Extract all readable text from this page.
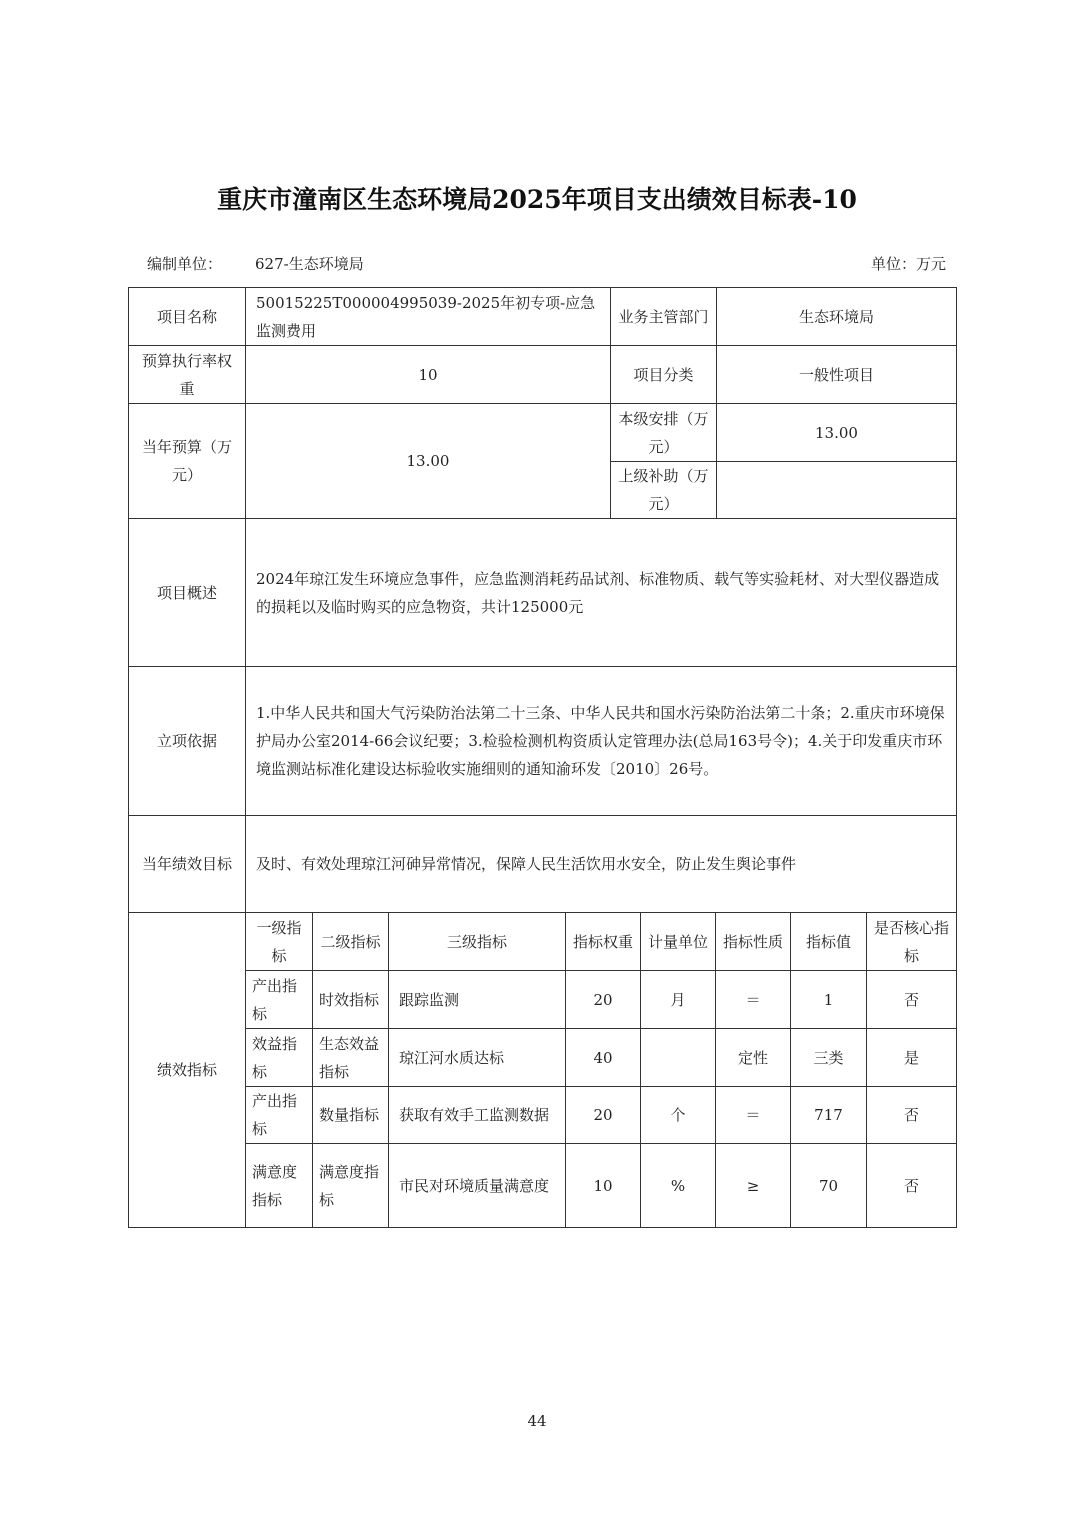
重庆市潼南区生态环境局2025年项目支出绩效目标表-10
编制单位： 627-生态环境局	单位：万元
项目名称	50015225T000004995039-2025年初专项-应急监测费用	业务主管部门	生态环境局
预算执行率权重	10	项目分类	一般性项目
当年预算（万元）	13.00	本级安排（万元）	13.00
		上级补助（万元）	
项目概述	2024年琼江发生环境应急事件，应急监测消耗药品试剂、标准物质、载气等实验耗材、对大型仪器造成的损耗以及临时购买的应急物资，共计125000元		
立项依据	1.中华人民共和国大气污染防治法第二十三条、中华人民共和国水污染防治法第二十条；2.重庆市环境保护局办公室2014-66会议纪要；3.检验检测机构资质认定管理办法(总局163号令)；4.关于印发重庆市环境监测站标准化建设达标验收实施细则的通知渝环发〔2010〕26号。		
当年绩效目标	及时、有效处理琼江河砷异常情况，保障人民生活饮用水安全，防止发生舆论事件		
绩效指标	一级指标	二级指标	三级指标	指标权重	计量单位	指标性质	指标值	是否核心指标
	产出指标	时效指标	跟踪监测	20	月	＝	1	否
	效益指标	生态效益指标	琼江河水质达标	40		定性	三类	是
	产出指标	数量指标	获取有效手工监测数据	20	个	＝	717	否
	满意度指标	满意度指标	市民对环境质量满意度	10	%	≥	70	否
44
